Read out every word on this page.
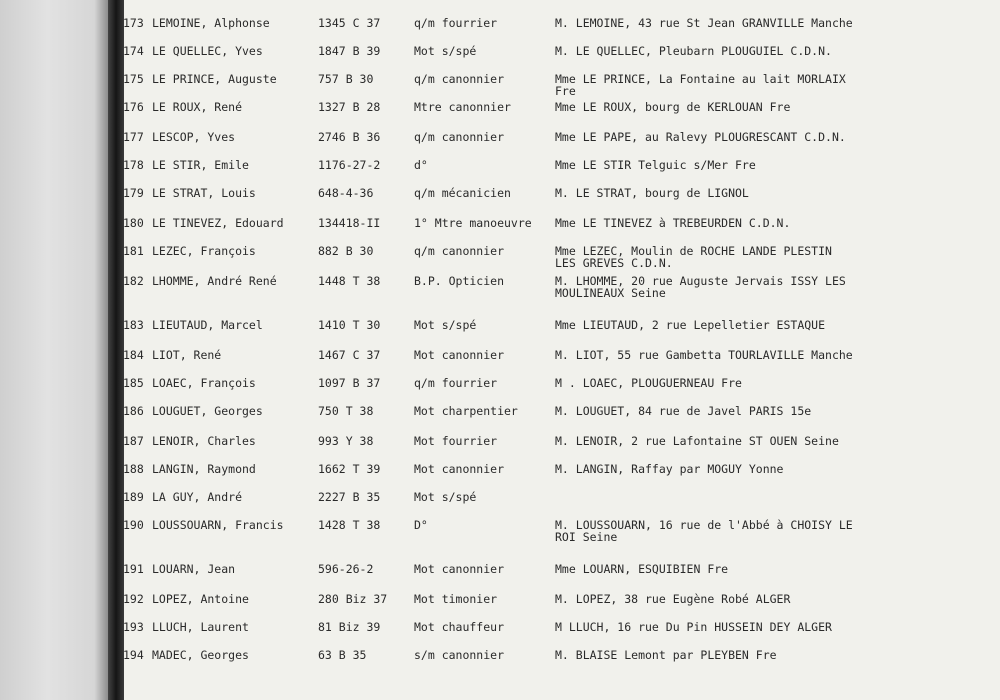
173 LEMOINE, Alphonse	1345 C 37	q/m fourrier	M. LEMOINE, 43 rue St Jean GRANVILLE Manche
174 LE QUELLEC, Yves	1847 B 39	Mot s/spé	M. LE QUELLEC, Pleubarn PLOUGUIEL C.D.N.
175 LE PRINCE, Auguste	757 B 30	q/m canonnier	Mme LE PRINCE, La Fontaine au lait MORLAIX
Fre
176 LE ROUX, René	1327 B 28	Mtre canonnier	Mme LE ROUX, bourg de KERLOUAN Fre
177 LESCOP, Yves	2746 B 36	q/m canonnier	Mme LE PAPE, au Ralevy PLOUGRESCANT C.D.N.
178 LE STIR, Emile	1176-27-2	d°	Mme LE STIR Telguic s/Mer Fre
179 LE STRAT, Louis	648-4-36	q/m mécanicien	M. LE STRAT, bourg de LIGNOL
180 LE TINEVEZ, Edouard	134418-II	1° Mtre manoeuvre Mme LE TINEVEZ à TREBEURDEN C.D.N.
181 LEZEC, François	882 B 30	q/m canonnier	Mme LEZEC, Moulin de ROCHE LANDE PLESTIN
LES GREVES C.D.N.
182 LHOMME, André René	1448 T 38	B.P. Opticien	M. LHOMME, 20 rue Auguste Jervais ISSY LES
MOULINEAUX Seine
183 LIEUTAUD, Marcel	1410 T 30	Mot s/spé	Mme LIEUTAUD, 2 rue Lepelletier ESTAQUE
184 LIOT, René	1467 C 37	Mot canonnier	M. LIOT, 55 rue Gambetta TOURLAVILLE Manche
185 LOAEC, François	1097 B 37	q/m fourrier	M . LOAEC, PLOUGUERNEAU Fre
186 LOUGUET, Georges	750 T 38	Mot charpentier	M. LOUGUET, 84 rue de Javel PARIS 15e
187 LENOIR, Charles	993 Y 38	Mot fourrier	M. LENOIR, 2 rue Lafontaine ST OUEN Seine
188 LANGIN, Raymond	1662 T 39	Mot canonnier	M. LANGIN, Raffay par MOGUY Yonne
189 LA GUY, André	2227 B 35	Mot s/spé
190 LOUSSOUARN, Francis	1428 T 38	D°	M. LOUSSOUARN, 16 rue de l'Abbé à CHOISY LE
ROI Seine
191 LOUARN, Jean	596-26-2	Mot canonnier	Mme LOUARN, ESQUIBIEN Fre
192 LOPEZ, Antoine	280 Biz 37 Mot timonier	M. LOPEZ, 38 rue Eugène Robé ALGER
193 LLUCH, Laurent	81 Biz 39	Mot chauffeur	M LLUCH, 16 rue Du Pin HUSSEIN DEY ALGER
194 MADEC, Georges	63 B 35	s/m canonnier	M. BLAISE Lemont par PLEYBEN Fre
